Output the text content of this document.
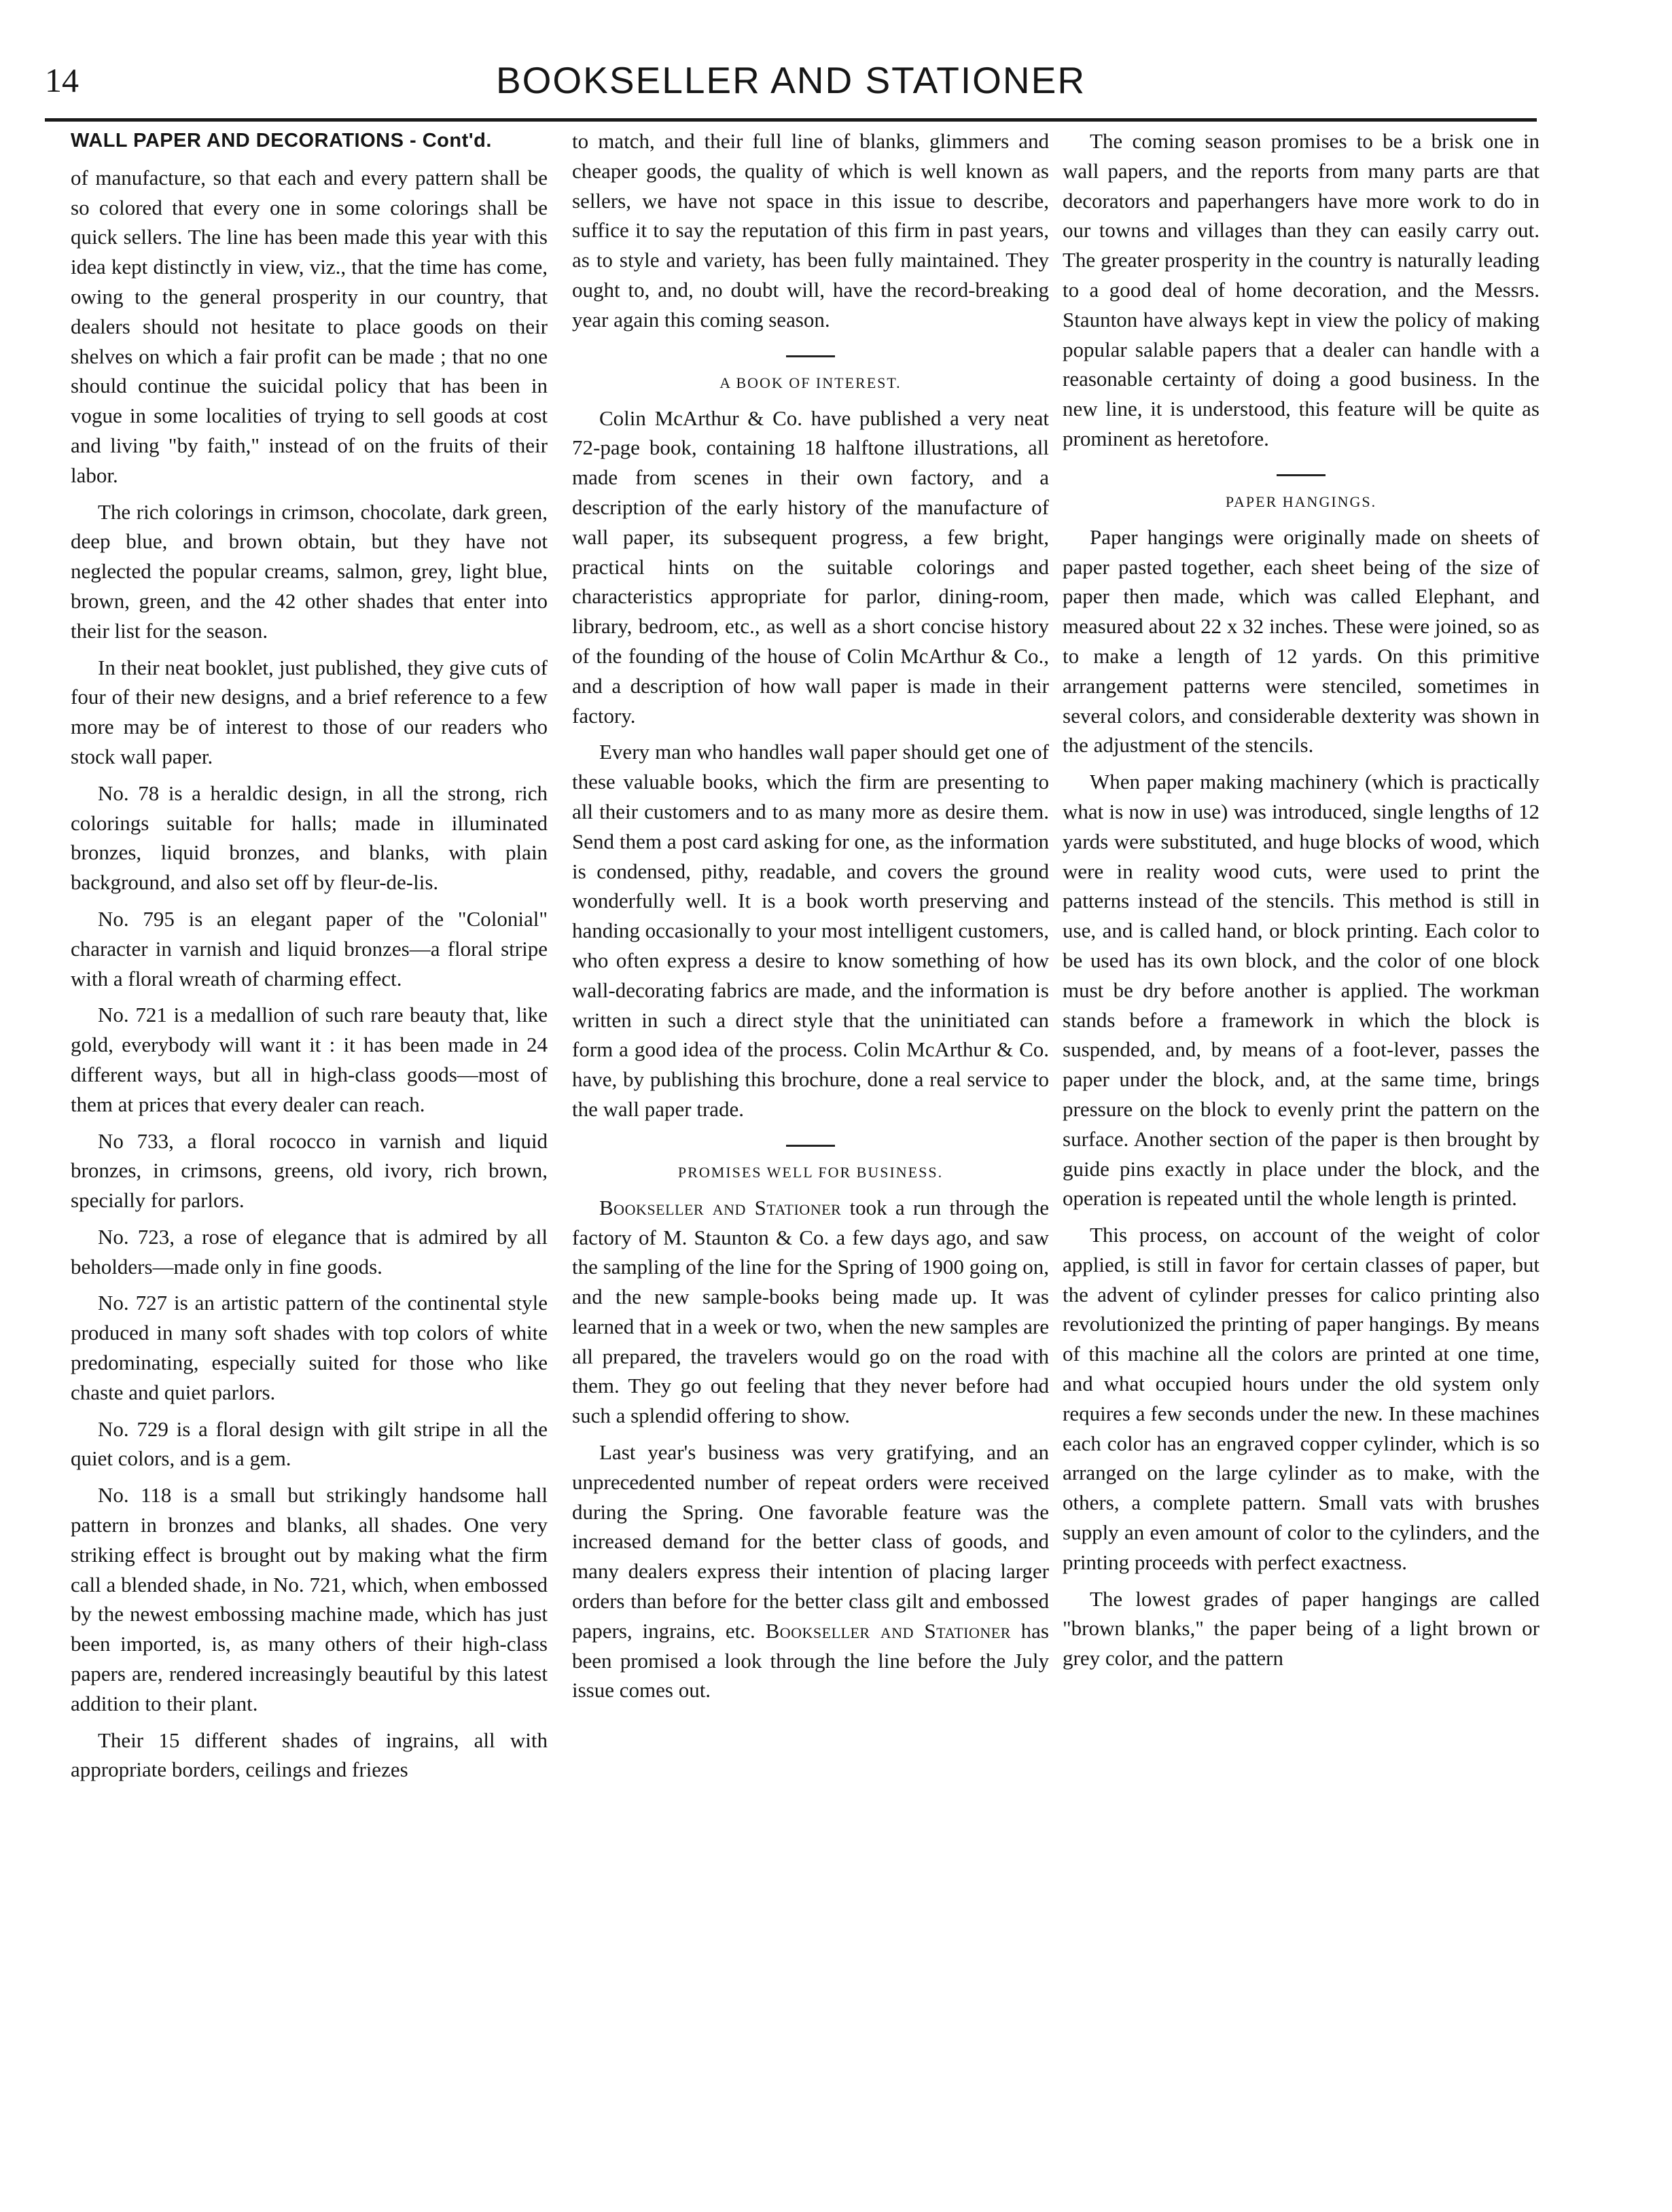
14	BOOKSELLER AND STATIONER

WALL PAPER AND DECORATIONS - Cont'd.

of manufacture, so that each and every pattern shall be so colored that every one in some colorings shall be quick sellers. The line has been made this year with this idea kept distinctly in view, viz., that the time has come, owing to the general prosperity in our country, that dealers should not hesitate to place goods on their shelves on which a fair profit can be made ; that no one should continue the suicidal policy that has been in vogue in some localities of trying to sell goods at cost and living "by faith," instead of on the fruits of their labor.

The rich colorings in crimson, chocolate, dark green, deep blue, and brown obtain, but they have not neglected the popular creams, salmon, grey, light blue, brown, green, and the 42 other shades that enter into their list for the season.

In their neat booklet, just published, they give cuts of four of their new designs, and a brief reference to a few more may be of interest to those of our readers who stock wall paper.

No. 78 is a heraldic design, in all the strong, rich colorings suitable for halls; made in illuminated bronzes, liquid bronzes, and blanks, with plain background, and also set off by fleur-de-lis.

No. 795 is an elegant paper of the "Colonial" character in varnish and liquid bronzes—a floral stripe with a floral wreath of charming effect.

No. 721 is a medallion of such rare beauty that, like gold, everybody will want it : it has been made in 24 different ways, but all in high-class goods—most of them at prices that every dealer can reach.

No 733, a floral rococco in varnish and liquid bronzes, in crimsons, greens, old ivory, rich brown, specially for parlors.

No. 723, a rose of elegance that is admired by all beholders—made only in fine goods.

No. 727 is an artistic pattern of the continental style produced in many soft shades with top colors of white predominating, especially suited for those who like chaste and quiet parlors.

No. 729 is a floral design with gilt stripe in all the quiet colors, and is a gem.

No. 118 is a small but strikingly handsome hall pattern in bronzes and blanks, all shades. One very striking effect is brought out by making what the firm call a blended shade, in No. 721, which, when embossed by the newest embossing machine made, which has just been imported, is, as many others of their high-class papers are, rendered increasingly beautiful by this latest addition to their plant.

Their 15 different shades of ingrains, all with appropriate borders, ceilings and friezes

to match, and their full line of blanks, glimmers and cheaper goods, the quality of which is well known as sellers, we have not space in this issue to describe, suffice it to say the reputation of this firm in past years, as to style and variety, has been fully maintained. They ought to, and, no doubt will, have the record-breaking year again this coming season.

A BOOK OF INTEREST.

Colin McArthur & Co. have published a very neat 72-page book, containing 18 halftone illustrations, all made from scenes in their own factory, and a description of the early history of the manufacture of wall paper, its subsequent progress, a few bright, practical hints on the suitable colorings and characteristics appropriate for parlor, dining-room, library, bedroom, etc., as well as a short concise history of the founding of the house of Colin McArthur & Co., and a description of how wall paper is made in their factory.

Every man who handles wall paper should get one of these valuable books, which the firm are presenting to all their customers and to as many more as desire them. Send them a post card asking for one, as the information is condensed, pithy, readable, and covers the ground wonderfully well. It is a book worth preserving and handing occasionally to your most intelligent customers, who often express a desire to know something of how wall-decorating fabrics are made, and the information is written in such a direct style that the uninitiated can form a good idea of the process. Colin McArthur & Co. have, by publishing this brochure, done a real service to the wall paper trade.

PROMISES WELL FOR BUSINESS.

Bookseller and Stationer took a run through the factory of M. Staunton & Co. a few days ago, and saw the sampling of the line for the Spring of 1900 going on, and the new sample-books being made up. It was learned that in a week or two, when the new samples are all prepared, the travelers would go on the road with them. They go out feeling that they never before had such a splendid offering to show.

Last year's business was very gratifying, and an unprecedented number of repeat orders were received during the Spring. One favorable feature was the increased demand for the better class of goods, and many dealers express their intention of placing larger orders than before for the better class gilt and embossed papers, ingrains, etc. Bookseller and Stationer has been promised a look through the line before the July issue comes out.

The coming season promises to be a brisk one in wall papers, and the reports from many parts are that decorators and paperhangers have more work to do in our towns and villages than they can easily carry out. The greater prosperity in the country is naturally leading to a good deal of home decoration, and the Messrs. Staunton have always kept in view the policy of making popular salable papers that a dealer can handle with a reasonable certainty of doing a good business. In the new line, it is understood, this feature will be quite as prominent as heretofore.

PAPER HANGINGS.

Paper hangings were originally made on sheets of paper pasted together, each sheet being of the size of paper then made, which was called Elephant, and measured about 22 x 32 inches. These were joined, so as to make a length of 12 yards. On this primitive arrangement patterns were stenciled, sometimes in several colors, and considerable dexterity was shown in the adjustment of the stencils.

When paper making machinery (which is practically what is now in use) was introduced, single lengths of 12 yards were substituted, and huge blocks of wood, which were in reality wood cuts, were used to print the patterns instead of the stencils. This method is still in use, and is called hand, or block printing. Each color to be used has its own block, and the color of one block must be dry before another is applied. The workman stands before a framework in which the block is suspended, and, by means of a foot-lever, passes the paper under the block, and, at the same time, brings pressure on the block to evenly print the pattern on the surface. Another section of the paper is then brought by guide pins exactly in place under the block, and the operation is repeated until the whole length is printed.

This process, on account of the weight of color applied, is still in favor for certain classes of paper, but the advent of cylinder presses for calico printing also revolutionized the printing of paper hangings. By means of this machine all the colors are printed at one time, and what occupied hours under the old system only requires a few seconds under the new. In these machines each color has an engraved copper cylinder, which is so arranged on the large cylinder as to make, with the others, a complete pattern. Small vats with brushes supply an even amount of color to the cylinders, and the printing proceeds with perfect exactness.

The lowest grades of paper hangings are called "brown blanks," the paper being of a light brown or grey color, and the pattern
